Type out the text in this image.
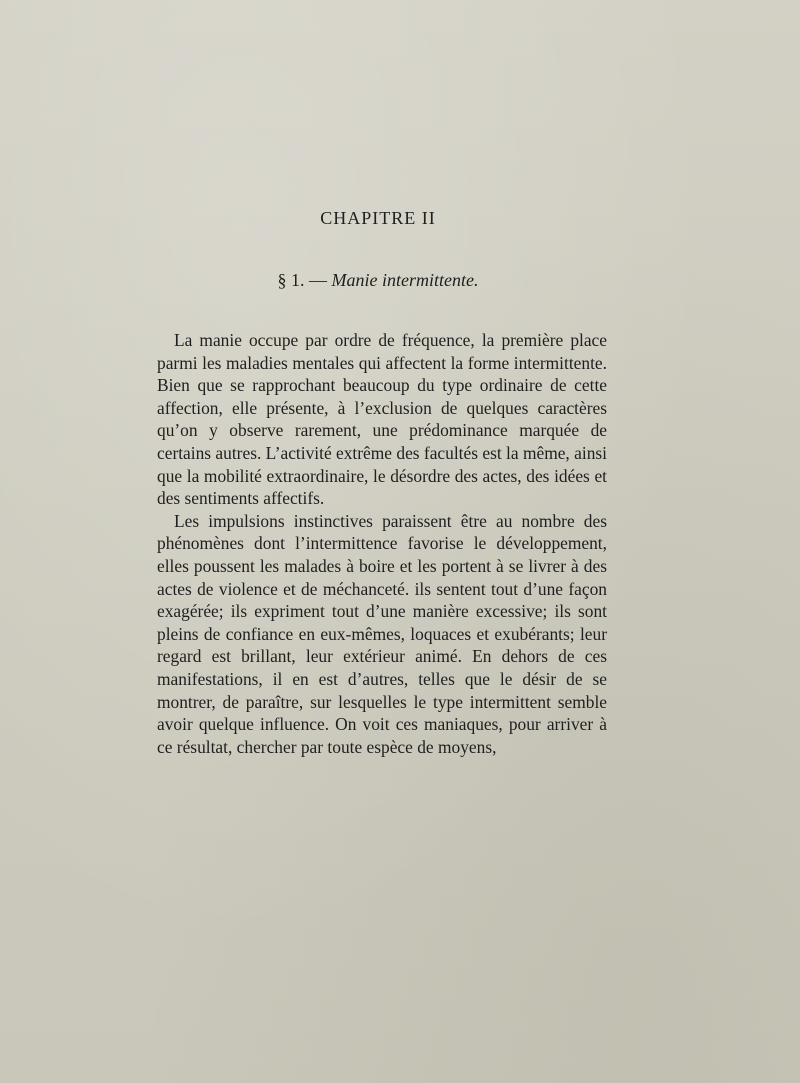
CHAPITRE II
§ 1. — Manie intermittente.

La manie occupe par ordre de fréquence, la première place parmi les maladies mentales qui affectent la forme intermittente. Bien que se rapprochant beaucoup du type ordinaire de cette affection, elle présente, à l’exclusion de quelques caractères qu’on y observe rarement, une prédominance marquée de certains autres. L’activité extrême des facultés est la même, ainsi que la mobilité extraordinaire, le désordre des actes, des idées et des sentiments affectifs.

Les impulsions instinctives paraissent être au nombre des phénomènes dont l’intermittence favorise le développement, elles poussent les malades à boire et les portent à se livrer à des actes de violence et de méchanceté. ils sentent tout d’une façon exagérée; ils expriment tout d’une manière excessive; ils sont pleins de confiance en eux-mêmes, loquaces et exubérants; leur regard est brillant, leur extérieur animé. En dehors de ces manifestations, il en est d’autres, telles que le désir de se montrer, de paraître, sur lesquelles le type intermittent semble avoir quelque influence. On voit ces maniaques, pour arriver à ce résultat, chercher par toute espèce de moyens,
